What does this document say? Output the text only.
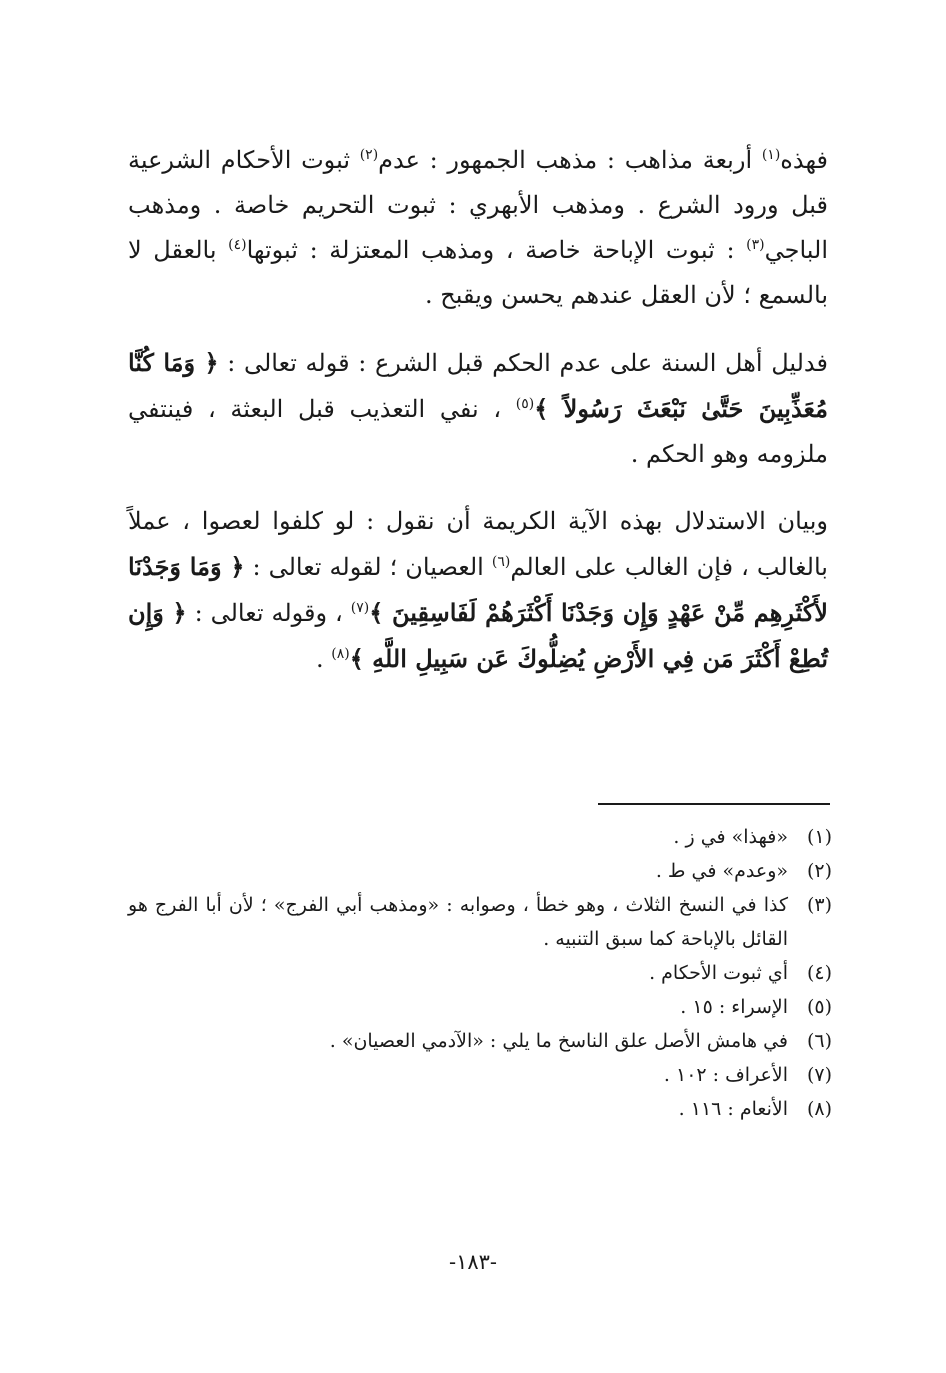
فهذه$^{(١)}$ أربعة مذاهب : مذهب الجمهور : عدم$^{(٢)}$ ثبوت الأحكام الشرعية قبل ورود الشرع . ومذهب الأبهري : ثبوت التحريم خاصة . ومذهب الباجي$^{(٣)}$ : ثبوت الإباحة خاصة ، ومذهب المعتزلة : ثبوتها$^{(٤)}$ بالعقل لا بالسمع ؛ لأن العقل عندهم يحسن ويقبح .

فدليل أهل السنة على عدم الحكم قبل الشرع : قوله تعالى : ﴿ وَمَا كُنَّا مُعَذِّبِينَ حَتَّىٰ نَبْعَثَ رَسُولاً ﴾$^{(٥)}$ ، نفي التعذيب قبل البعثة ، فينتفي ملزومه وهو الحكم .

وبيان الاستدلال بهذه الآية الكريمة أن نقول : لو كلفوا لعصوا ، عملاً بالغالب ، فإن الغالب على العالم$^{(٦)}$ العصيان ؛ لقوله تعالى : ﴿ وَمَا وَجَدْنَا لأَكْثَرِهِم مِّنْ عَهْدٍ وَإِن وَجَدْنَا أَكْثَرَهُمْ لَفَاسِقِينَ ﴾$^{(٧)}$ ، وقوله تعالى : ﴿ وَإِن تُطِعْ أَكْثَرَ مَن فِي الأَرْضِ يُضِلُّوكَ عَن سَبِيلِ اللَّهِ ﴾$^{(٨)}$ .

(١)
«فهذا» في ز .
(٢)
«وعدم» في ط .
(٣)
كذا في النسخ الثلاث ، وهو خطأ ، وصوابه : «ومذهب أبي الفرج» ؛ لأن أبا الفرج هو القائل بالإباحة كما سبق التنبيه .
(٤)
أي ثبوت الأحكام .
(٥)
الإسراء : ١٥ .
(٦)
في هامش الأصل علق الناسخ ما يلي : «الآدمي العصيان» .
(٧)
الأعراف : ١٠٢ .
(٨)
الأنعام : ١١٦ .
-١٨٣-
